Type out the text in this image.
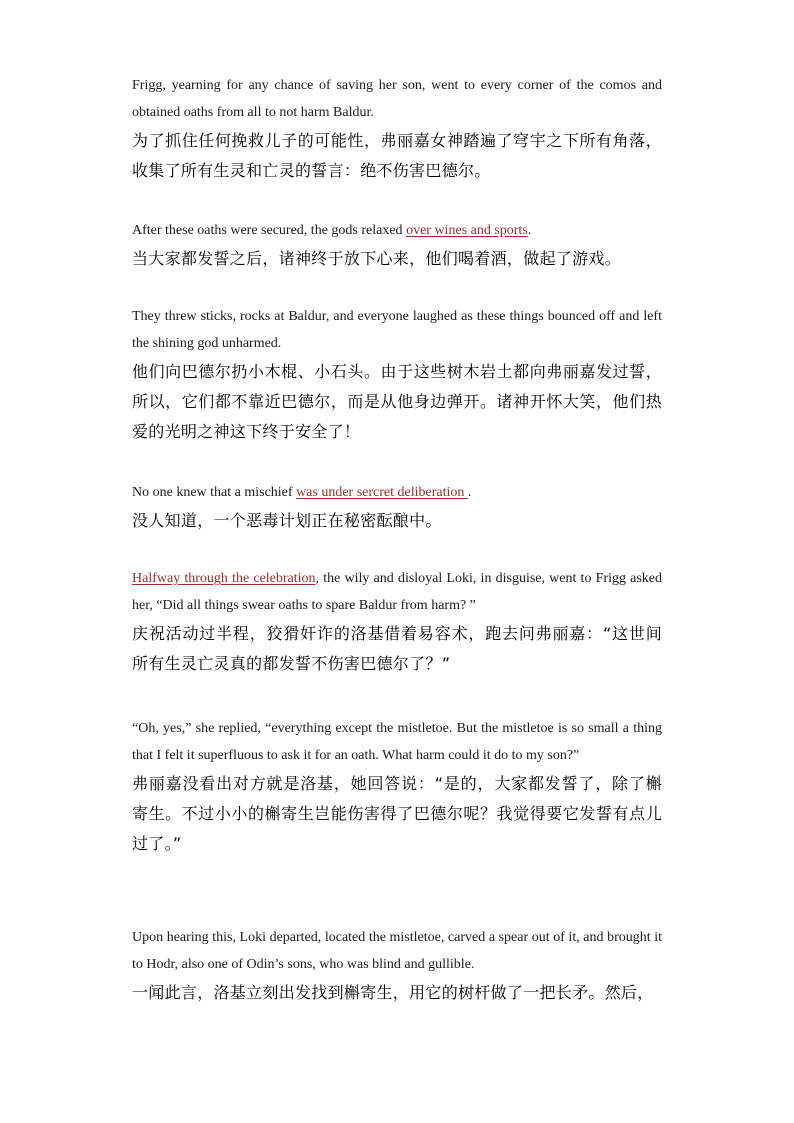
Frigg, yearning for any chance of saving her son, went to every corner of the comos and obtained oaths from all to not harm Baldur.

为了抓住任何挽救儿子的可能性，弗丽嘉女神踏遍了穹宇之下所有角落，收集了所有生灵和亡灵的誓言：绝不伤害巴德尔。

After these oaths were secured, the gods relaxed over wines and sports.

当大家都发誓之后，诸神终于放下心来，他们喝着酒，做起了游戏。

They threw sticks, rocks at Baldur, and everyone laughed as these things bounced off and left the shining god unharmed.

他们向巴德尔扔小木棍、小石头。由于这些树木岩土都向弗丽嘉发过誓，所以，它们都不靠近巴德尔，而是从他身边弹开。诸神开怀大笑，他们热爱的光明之神这下终于安全了！

No one knew that a mischief was under sercret deliberation .

没人知道，一个恶毒计划正在秘密酝酿中。

Halfway through the celebration, the wily and disloyal Loki, in disguise, went to Frigg asked her, “Did all things swear oaths to spare Baldur from harm? ”

庆祝活动过半程，狡猾奸诈的洛基借着易容术，跑去问弗丽嘉：“这世间所有生灵亡灵真的都发誓不伤害巴德尔了？”

“Oh, yes,” she replied, “everything except the mistletoe. But the mistletoe is so small a thing that I felt it superfluous to ask it for an oath. What harm could it do to my son?”

弗丽嘉没看出对方就是洛基，她回答说：“是的，大家都发誓了，除了槲寄生。不过小小的槲寄生岂能伤害得了巴德尔呢？我觉得要它发誓有点儿过了。”

Upon hearing this, Loki departed, located the mistletoe, carved a spear out of it, and brought it to Hodr, also one of Odin’s sons, who was blind and gullible.

一闻此言，洛基立刻出发找到槲寄生，用它的树杆做了一把长矛。然后，
